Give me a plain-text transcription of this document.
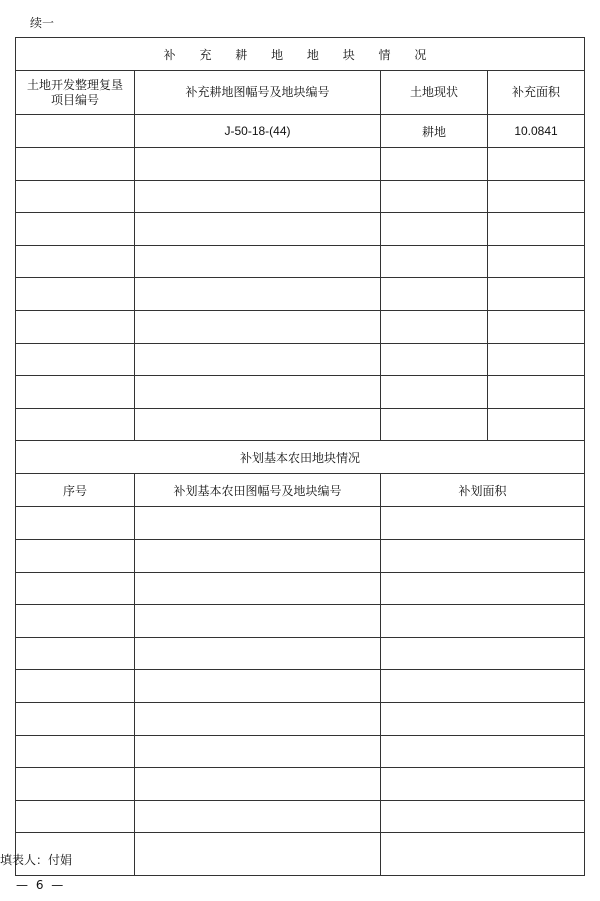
续一
补 充 耕 地 地 块 情 况			
土地开发整理复垦项目编号	补充耕地图幅号及地块编号	土地现状	补充面积
	J-50-18-(44)	耕地	10.0841

补划基本农田地块情况			
序号	补划基本农田图幅号及地块编号	补划面积	

填表人：付娟
— 6 —
